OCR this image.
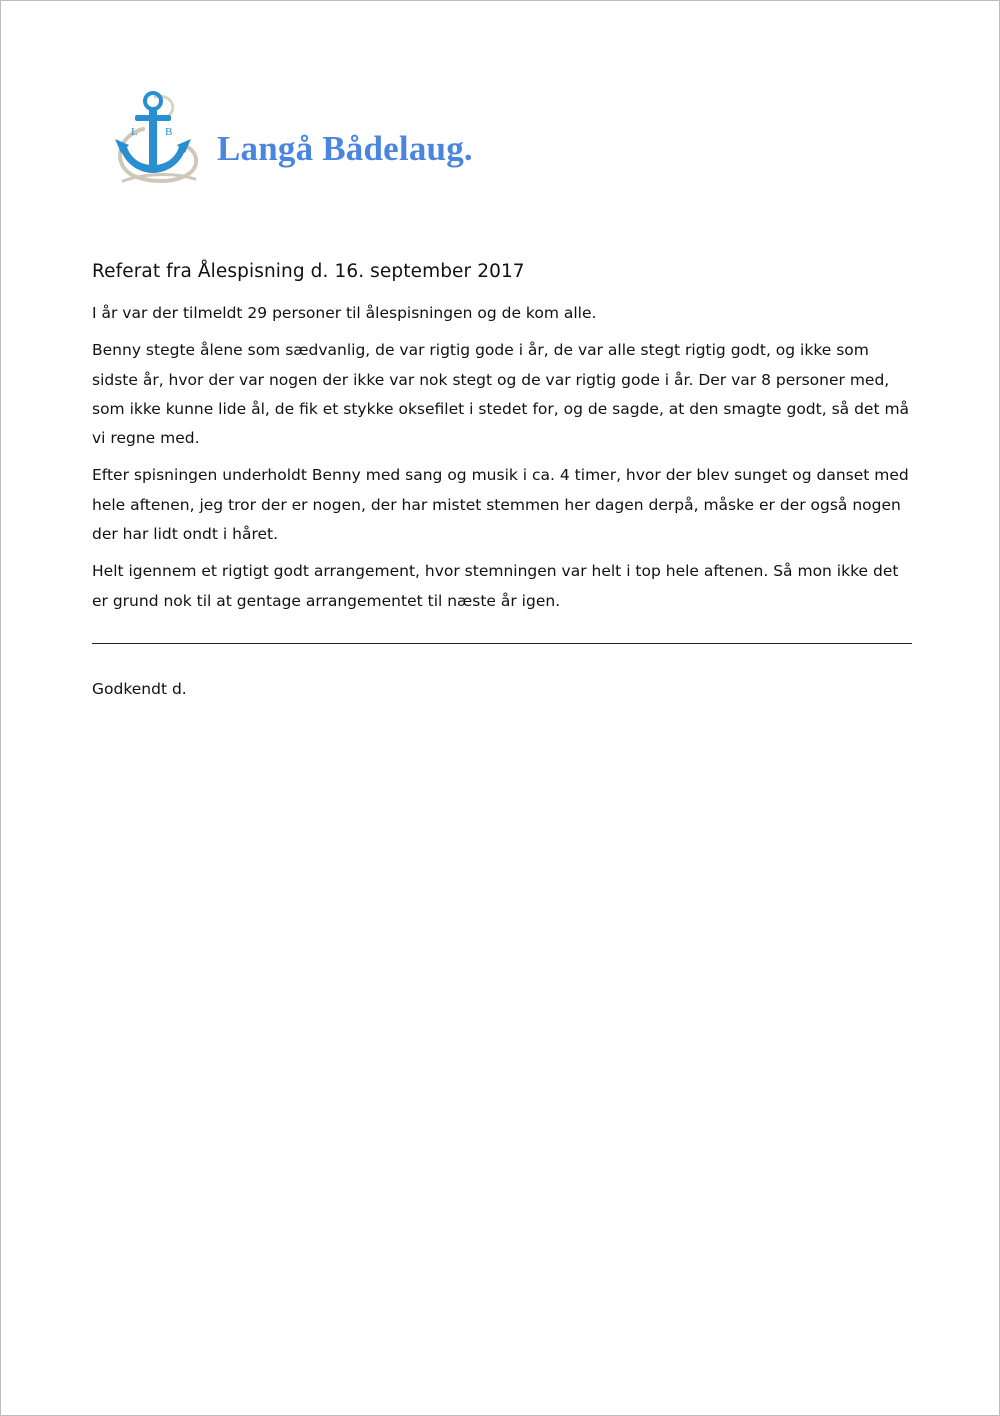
L B Langå Bådelaug.
Referat fra Ålespisning d. 16. september 2017

I år var der tilmeldt 29 personer til ålespisningen og de kom alle.

Benny stegte ålene som sædvanlig, de var rigtig gode i år, de var alle stegt rigtig godt, og ikke som sidste år, hvor der var nogen der ikke var nok stegt og de var rigtig gode i år. Der var 8 personer med, som ikke kunne lide ål, de fik et stykke oksefilet i stedet for, og de sagde, at den smagte godt, så det må vi regne med.

Efter spisningen underholdt Benny med sang og musik i ca. 4 timer, hvor der blev sunget og danset med hele aftenen, jeg tror der er nogen, der har mistet stemmen her dagen derpå, måske er der også nogen der har lidt ondt i håret.

Helt igennem et rigtigt godt arrangement, hvor stemningen var helt i top hele aftenen. Så mon ikke det er grund nok til at gentage arrangementet til næste år igen.

Godkendt d.
